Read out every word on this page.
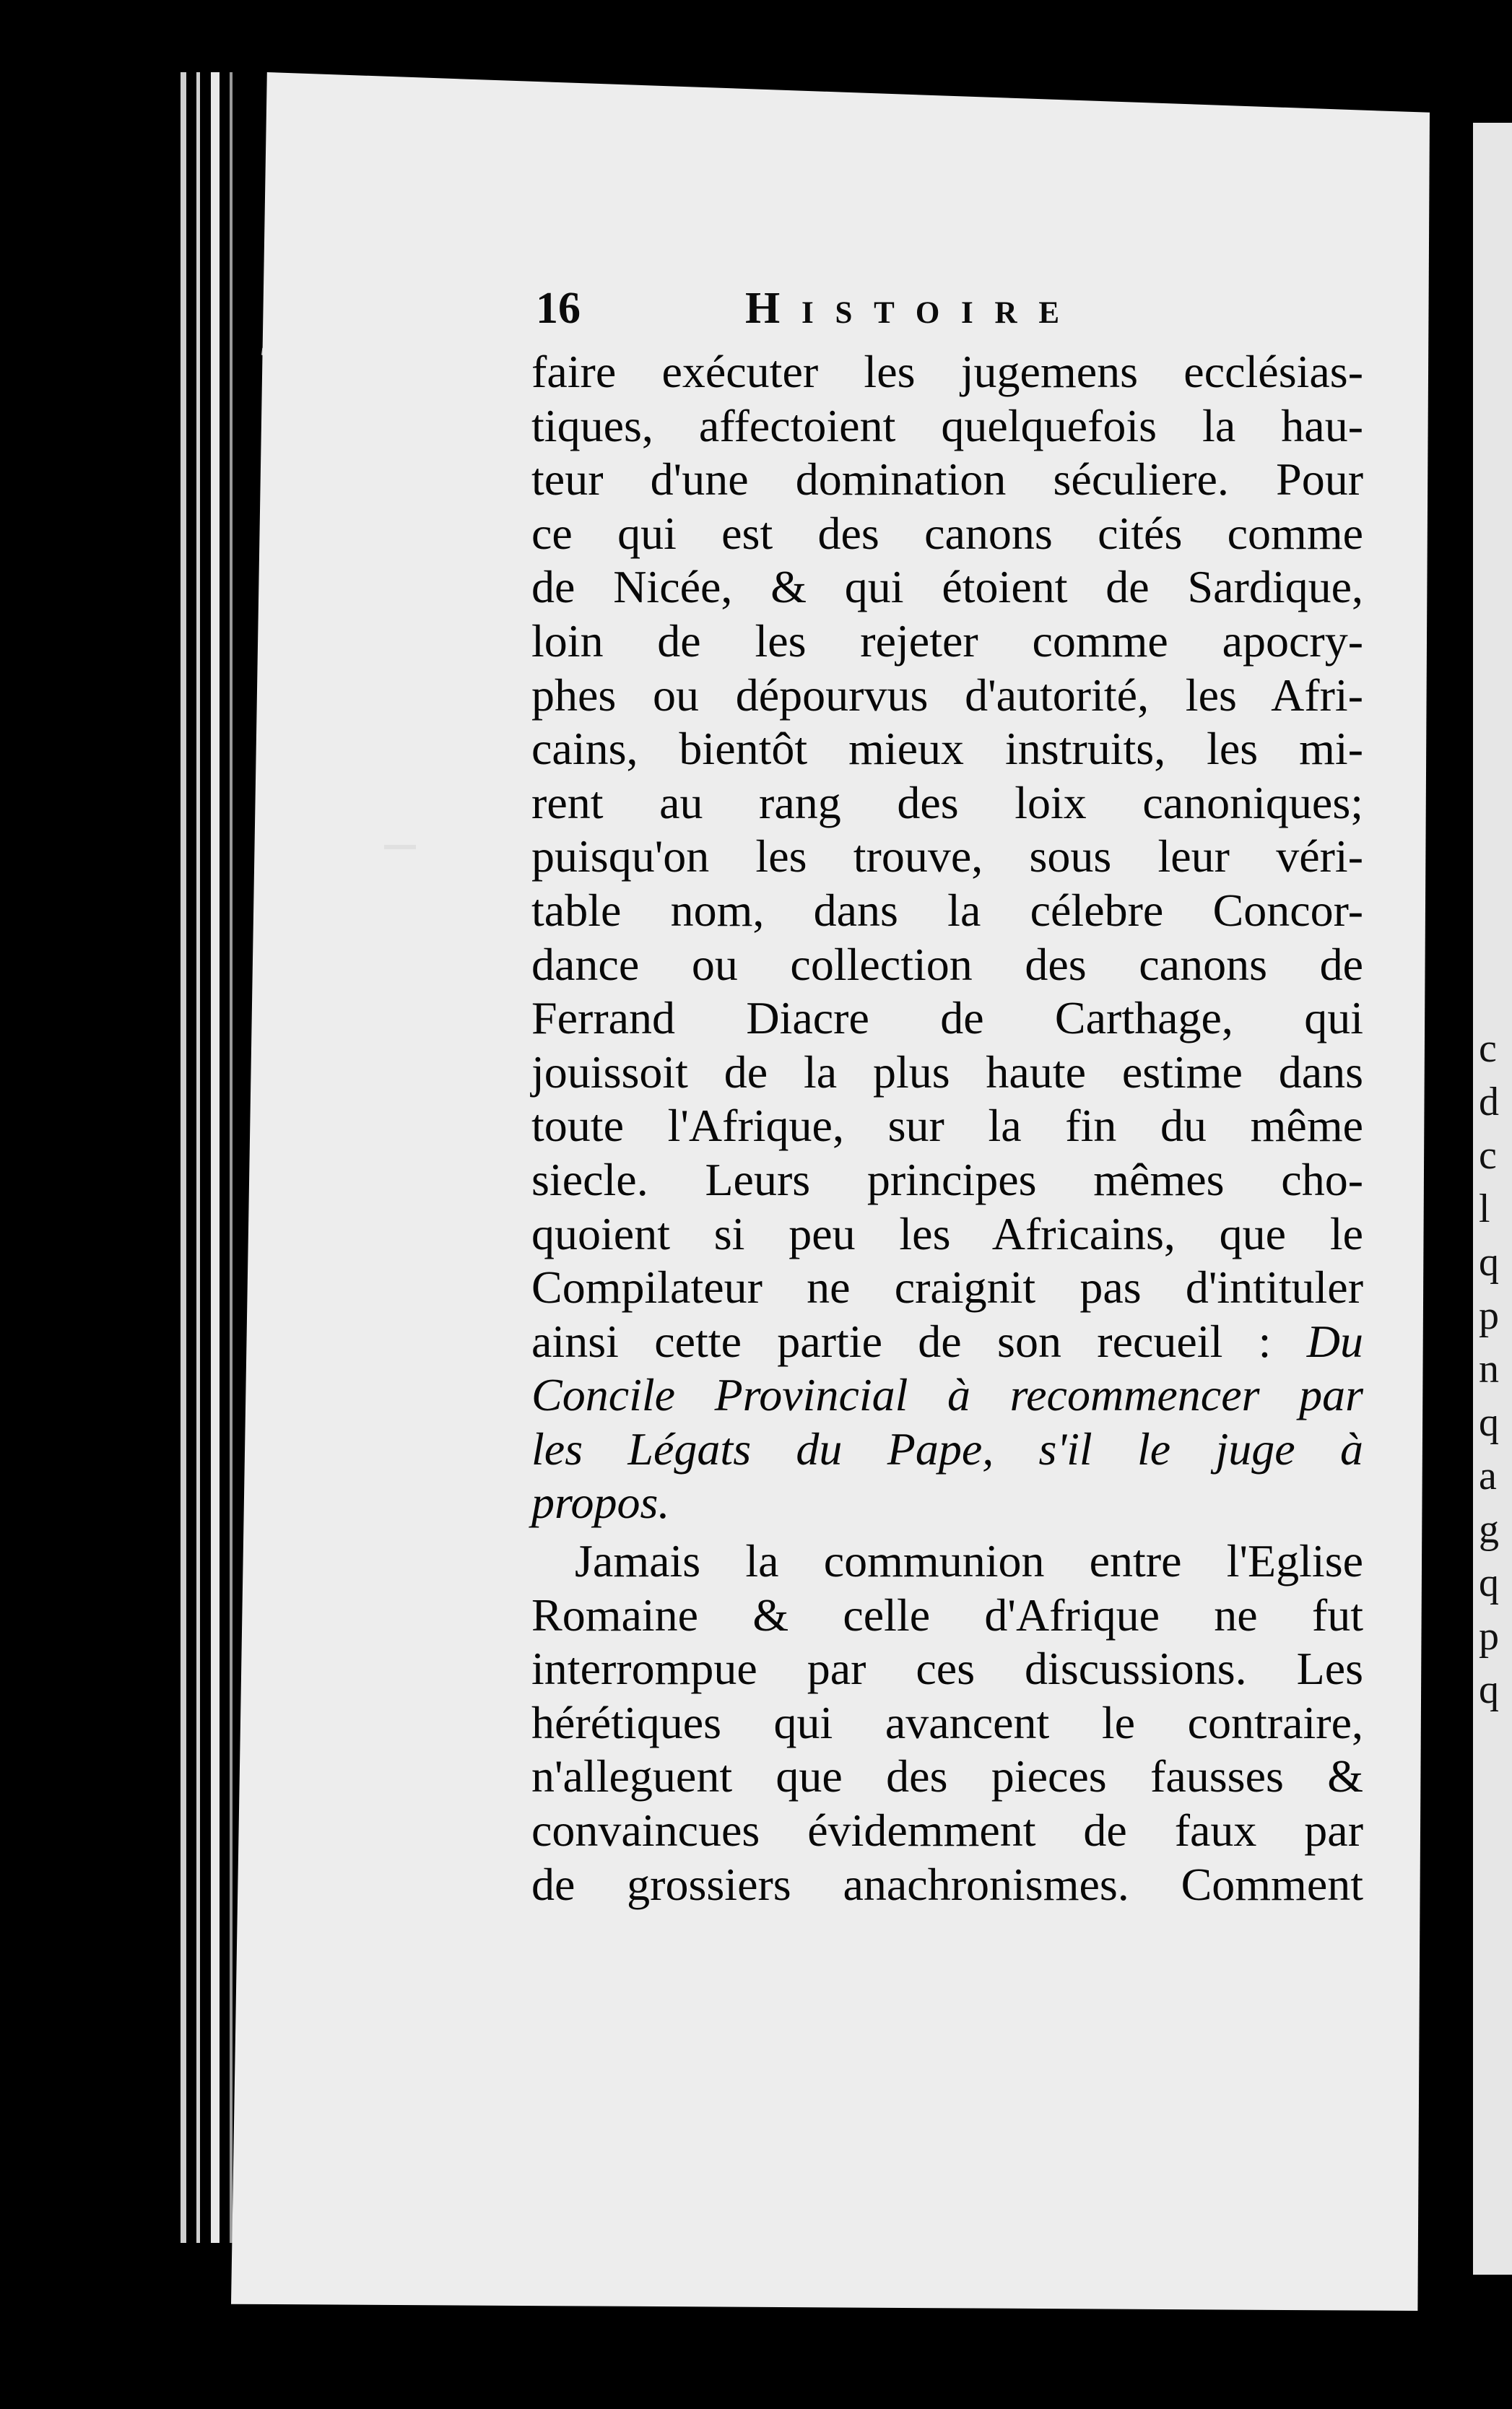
c
d
c
l
q
p
n
q
a
g
q
p
q
16	Histoire
faire exécuter les jugemens ecclésias-
tiques, affectoient quelquefois la hau-
teur d'une domination séculiere. Pour
ce qui est des canons cités comme
de Nicée, & qui étoient de Sardique,
loin de les rejeter comme apocry-
phes ou dépourvus d'autorité, les Afri-
cains, bientôt mieux instruits, les mi-
rent au rang des loix canoniques;
puisqu'on les trouve, sous leur véri-
table nom, dans la célebre Concor-
dance ou collection des canons de
Ferrand Diacre de Carthage, qui
jouissoit de la plus haute estime dans
toute l'Afrique, sur la fin du même
siecle. Leurs principes mêmes cho-
quoient si peu les Africains, que le
Compilateur ne craignit pas d'intituler
ainsi cette partie de son recueil : Du
Concile Provincial à recommencer par
les Légats du Pape, s'il le juge à
propos.
Jamais la communion entre l'Eglise
Romaine & celle d'Afrique ne fut
interrompue par ces discussions. Les
hérétiques qui avancent le contraire,
n'alleguent que des pieces fausses &
convaincues évidemment de faux par
de grossiers anachronismes. Comment
